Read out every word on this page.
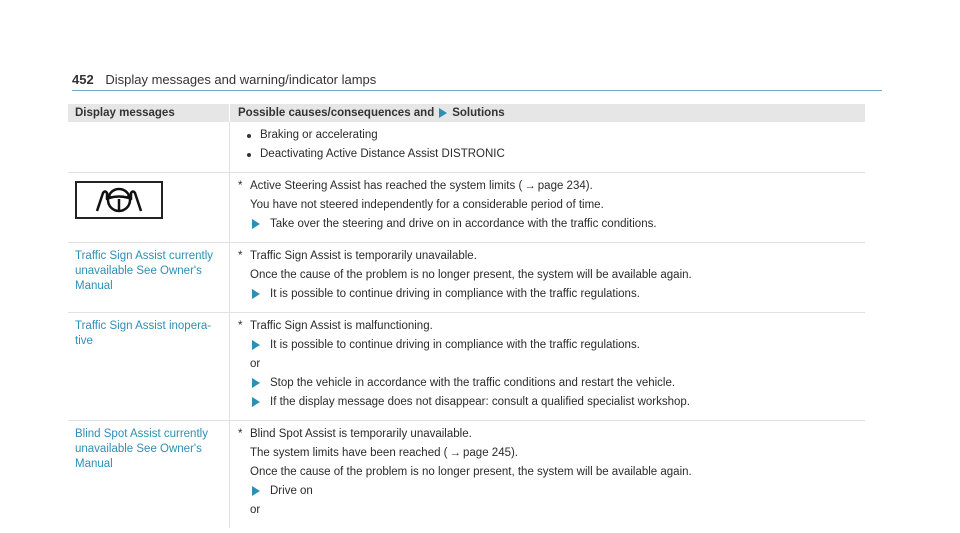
452 Display messages and warning/indicator lamps
Display messages	Possible causes/consequences and Solutions
Braking or accelerating
Deactivating Active Distance Assist DISTRONIC
* Active Steering Assist has reached the system limits ( → page 234).
You have not steered independently for a considerable period of time.
Take over the steering and drive on in accordance with the traffic conditions.
Traffic Sign Assist currently unavailable See Owner's Manual
* Traffic Sign Assist is temporarily unavailable.
Once the cause of the problem is no longer present, the system will be available again.
It is possible to continue driving in compliance with the traffic regulations.
Traffic Sign Assist inopera-tive
* Traffic Sign Assist is malfunctioning.
It is possible to continue driving in compliance with the traffic regulations.
or
Stop the vehicle in accordance with the traffic conditions and restart the vehicle.
If the display message does not disappear: consult a qualified specialist workshop.
Blind Spot Assist currently unavailable See Owner's Manual
* Blind Spot Assist is temporarily unavailable.
The system limits have been reached ( → page 245).
Once the cause of the problem is no longer present, the system will be available again.
Drive on
or
